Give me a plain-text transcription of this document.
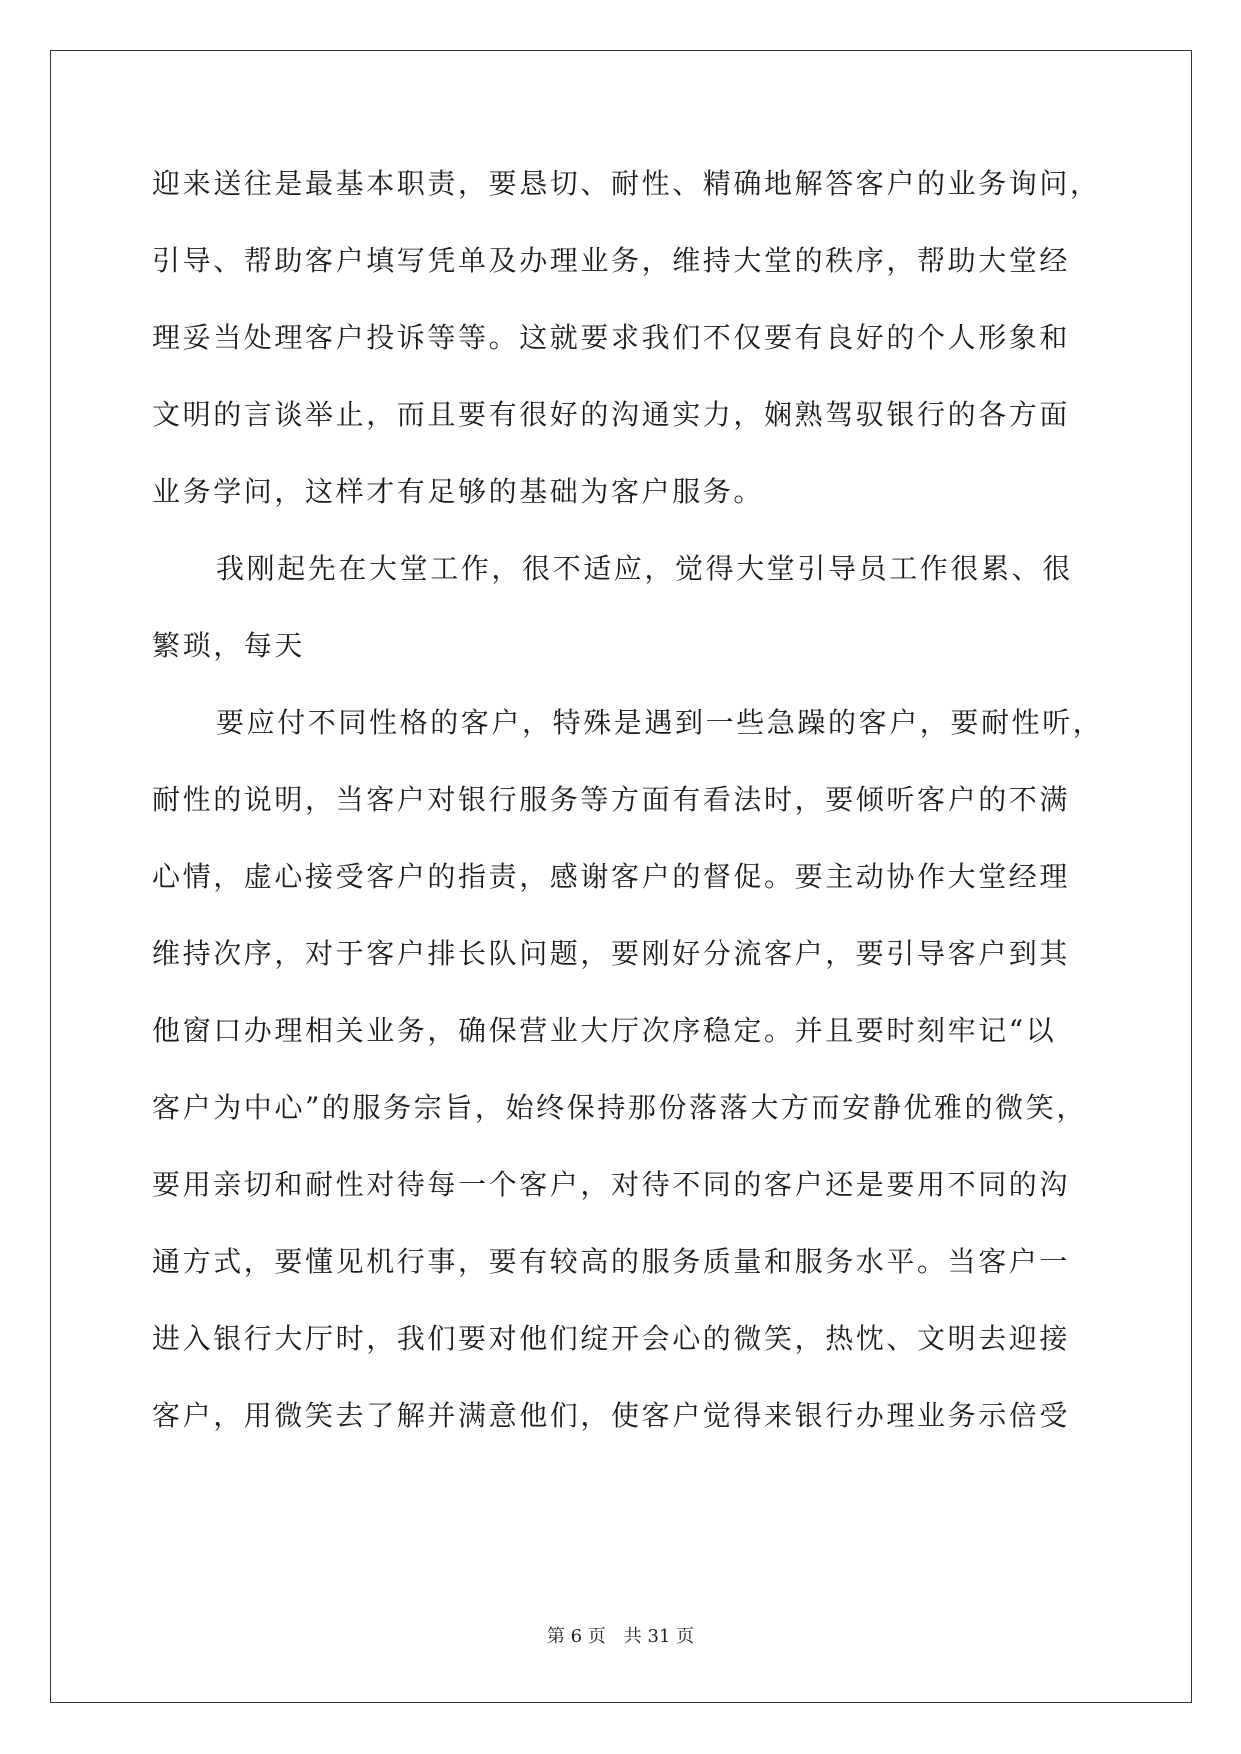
迎来送往是最基本职责，要恳切、耐性、精确地解答客户的业务询问，
引导、帮助客户填写凭单及办理业务，维持大堂的秩序，帮助大堂经
理妥当处理客户投诉等等。这就要求我们不仅要有良好的个人形象和
文明的言谈举止，而且要有很好的沟通实力，娴熟驾驭银行的各方面
业务学问，这样才有足够的基础为客户服务。
我刚起先在大堂工作，很不适应，觉得大堂引导员工作很累、很
繁琐，每天
要应付不同性格的客户，特殊是遇到一些急躁的客户，要耐性听，
耐性的说明，当客户对银行服务等方面有看法时，要倾听客户的不满
心情，虚心接受客户的指责，感谢客户的督促。要主动协作大堂经理
维持次序，对于客户排长队问题，要刚好分流客户，要引导客户到其
他窗口办理相关业务，确保营业大厅次序稳定。并且要时刻牢记“以
客户为中心”的服务宗旨，始终保持那份落落大方而安静优雅的微笑，
要用亲切和耐性对待每一个客户，对待不同的客户还是要用不同的沟
通方式，要懂见机行事，要有较高的服务质量和服务水平。当客户一
进入银行大厅时，我们要对他们绽开会心的微笑，热忱、文明去迎接
客户，用微笑去了解并满意他们，使客户觉得来银行办理业务示倍受
第 6 页　共 31 页
